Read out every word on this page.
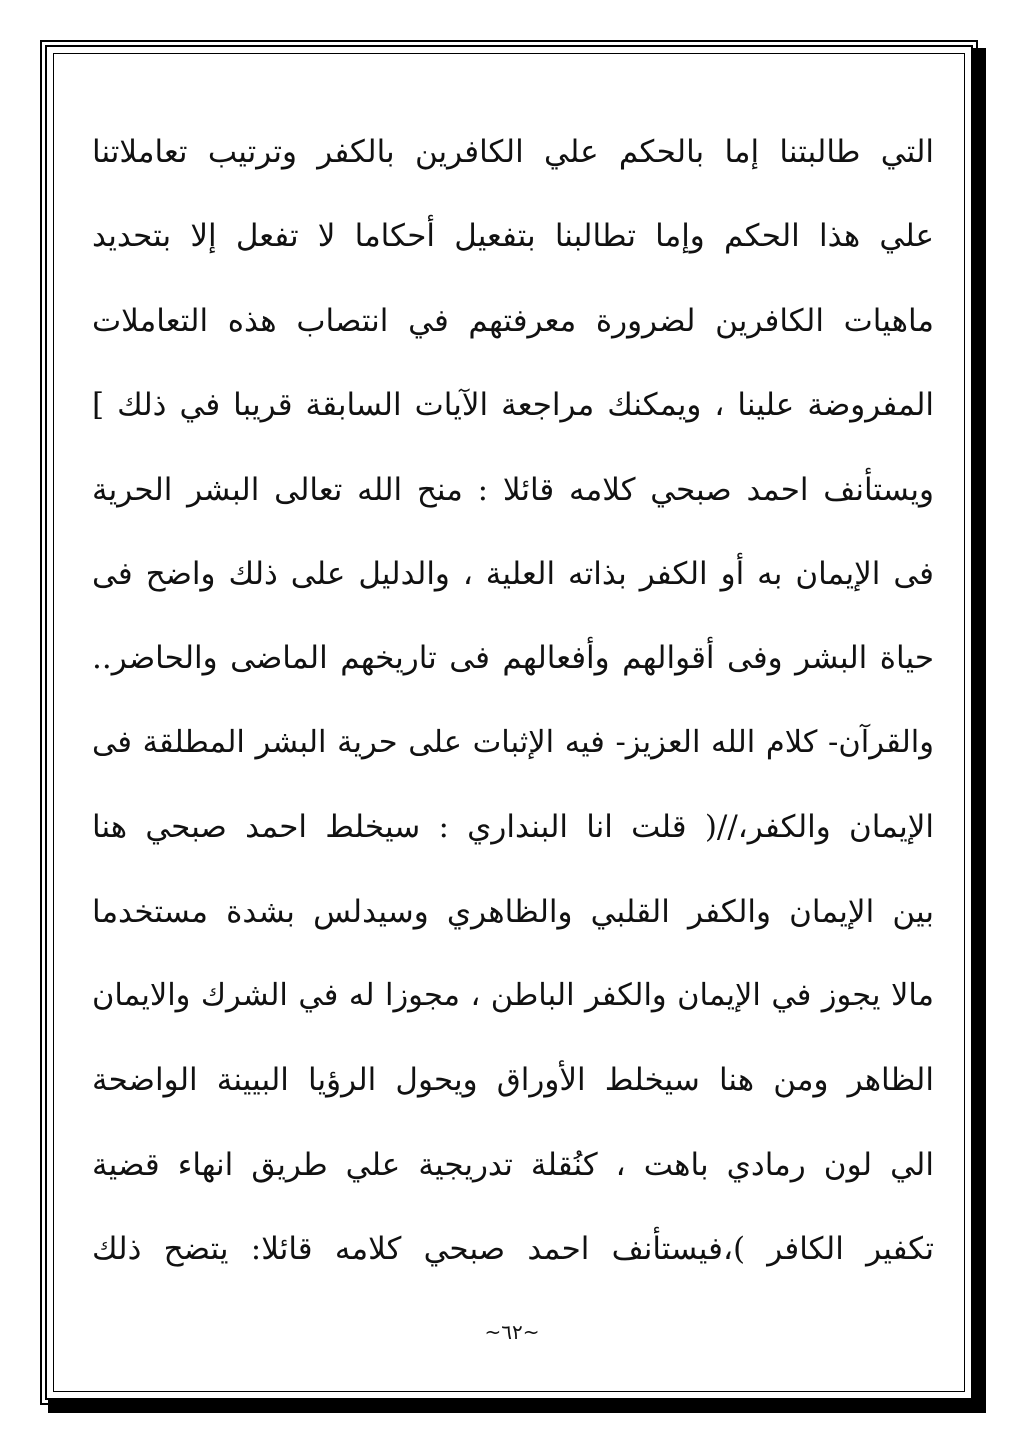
التي طالبتنا إما بالحكم علي الكافرين بالكفر وترتيب تعاملاتنا
علي هذا الحكم وإما تطالبنا بتفعيل أحكاما لا تفعل إلا بتحديد
ماهيات الكافرين لضرورة معرفتهم في انتصاب هذه التعاملات
المفروضة علينا ، ويمكنك مراجعة الآيات السابقة قريبا في ذلك ]
ويستأنف احمد صبحي كلامه قائلا : منح الله تعالى البشر الحرية
فى الإيمان به أو الكفر بذاته العلية ، والدليل على ذلك واضح فى
حياة البشر وفى أقوالهم وأفعالهم فى تاريخهم الماضى والحاضر..
والقرآن- كلام الله العزيز- فيه الإثبات على حرية البشر المطلقة فى
الإيمان والكفر،//( قلت انا البنداري : سيخلط احمد صبحي هنا
بين الإيمان والكفر القلبي والظاهري وسيدلس بشدة مستخدما
مالا يجوز في الإيمان والكفر الباطن ، مجوزا له في الشرك والايمان
الظاهر ومن هنا سيخلط الأوراق ويحول الرؤيا البيينة الواضحة
الي لون رمادي باهت ، كنُقلة تدريجية علي طريق انهاء قضية
تكفير الكافر )،فيستأنف احمد صبحي كلامه قائلا: يتضح ذلك
~٦٢~
